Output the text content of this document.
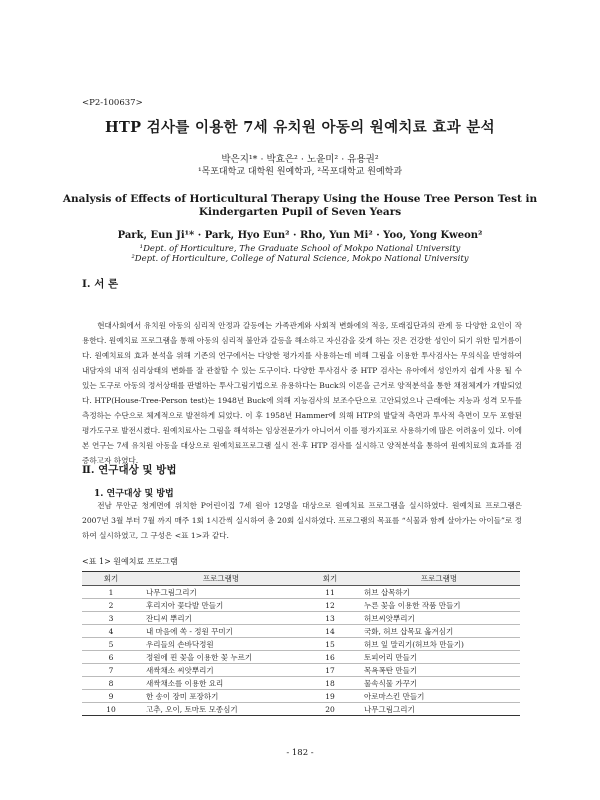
<P2-100637>
HTP 검사를 이용한 7세 유치원 아동의 원예치료 효과 분석
박은지¹* · 박효은² · 노윤미² · 유용권²
¹목포대학교 대학원 원예학과, ²목포대학교 원예학과
Analysis of Effects of Horticultural Therapy Using the House Tree Person Test in
Kindergarten Pupil of Seven Years
Park, Eun Ji¹* · Park, Hyo Eun² · Rho, Yun Mi² · Yoo, Yong Kweon²
¹Dept. of Horticulture, The Graduate School of Mokpo National University
²Dept. of Horticulture, College of Natural Science, Mokpo National University
Ⅰ. 서 론

현대사회에서 유치원 아동의 심리적 안정과 갈등에는 가족관계와 사회적 변화에의 적응, 또래집단과의 관계 등 다양한 요인이 작용한다. 원예치료 프로그램을 통해 아동의 심리적 불안과 갈등을 해소하고 자신감을 갖게 하는 것은 건강한 성인이 되기 위한 밑거름이다. 원예치료의 효과 분석을 위해 기존의 연구에서는 다양한 평가지를 사용하는데 비해 그림을 이용한 투사검사는 무의식을 반영하여 내담자의 내적 심리상태의 변화를 잘 관찰할 수 있는 도구이다. 다양한 투사검사 중 HTP 검사는 유아에서 성인까지 쉽게 사용 될 수 있는 도구로 아동의 정서상태를 판별하는 투사그림기법으로 유용하다는 Buck의 이론을 근거로 양적분석을 통한 채점체계가 개발되었다. HTP(House-Tree-Person test)는 1948년 Buck에 의해 지능검사의 보조수단으로 고안되었으나 근래에는 지능과 성격 모두를 측정하는 수단으로 체계적으로 발전하게 되었다. 이 후 1958년 Hammer에 의해 HTP의 발달적 측면과 투사적 측면이 모두 포함된 평가도구로 발전시켰다. 원예치료사는 그림을 해석하는 임상전문가가 아니어서 이를 평가지표로 사용하기에 많은 어려움이 있다. 이에 본 연구는 7세 유치원 아동을 대상으로 원예치료프로그램 실시 전·후 HTP 검사를 실시하고 양적분석을 통하여 원예치료의 효과를 검증하고자 하였다.

Ⅱ. 연구대상 및 방법
1. 연구대상 및 방법

전남 무안군 청계면에 위치한 P어린이집 7세 원아 12명을 대상으로 원예치료 프로그램을 실시하였다. 원예치료 프로그램은 2007년 3월 부터 7월 까지 매주 1회 1시간씩 실시하여 총 20회 실시하였다. 프로그램의 목표를 “식물과 함께 살아가는 아이들”로 정하여 실시하였고, 그 구성은 <표 1>과 같다.

<표 1> 원예치료 프로그램
회기	프로그램명	회기	프로그램명
1	나무그림그리기	11	허브 삽목하기
2	후리지아 꽃다발 만들기	12	누른 꽃을 이용한 작품 만들기
3	잔디씨 뿌리기	13	허브씨앗뿌리기
4	내 마음에 쏙 - 정원 꾸미기	14	국화, 허브 삽목묘 옮겨심기
5	우리들의 손바닥정원	15	허브 잎 말리기(허브차 만들기)
6	정원에 핀 꽃을 이용한 꽃 누르기	16	토피어리 만들기
7	새싹채소 씨앗뿌리기	17	목욕폭탄 만들기
8	새싹채소를 이용한 요리	18	물속식물 가꾸기
9	한 송이 장미 포장하기	19	아로마스킨 만들기
10	고추, 오이, 토마토 모종심기	20	나무그림그리기
- 182 -
